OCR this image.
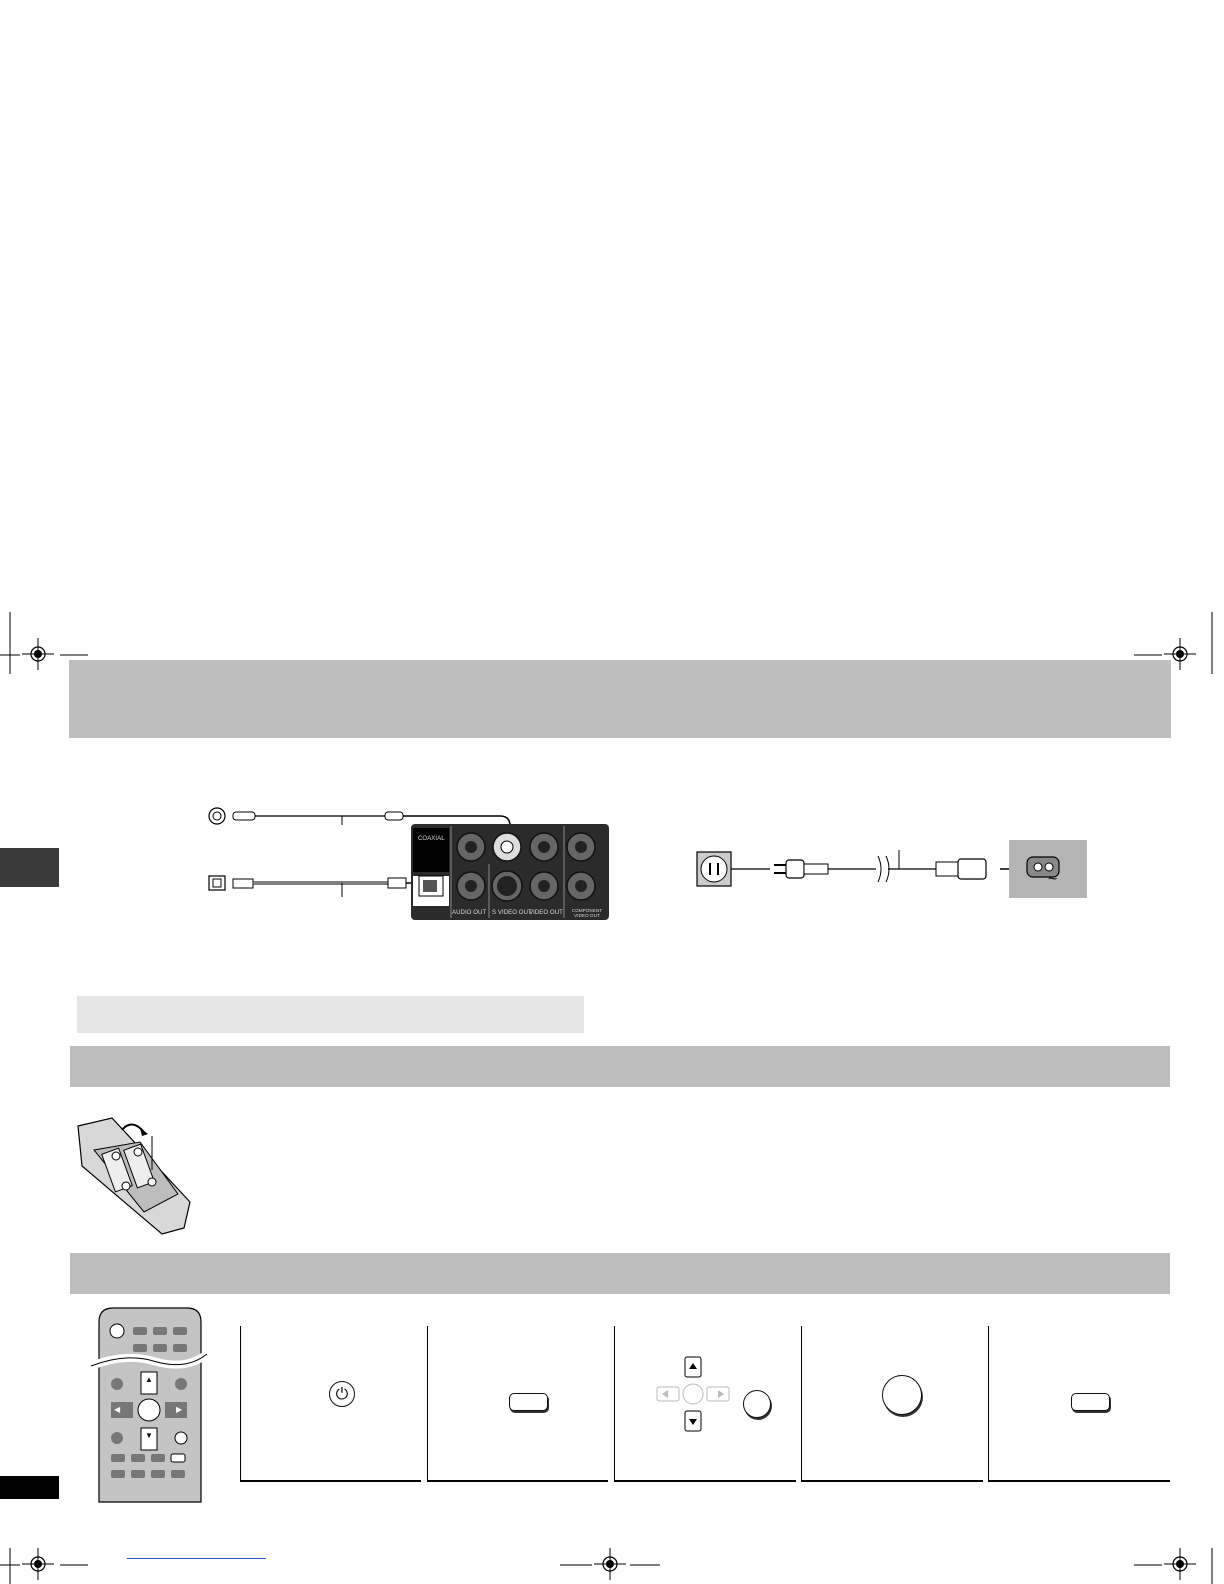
COAXIAL
AUDIO OUT S VIDEO OUT
VIDEO OUT	COMPONENT VIDEO OUT
~
▲
▼
◀	▶
⏻
